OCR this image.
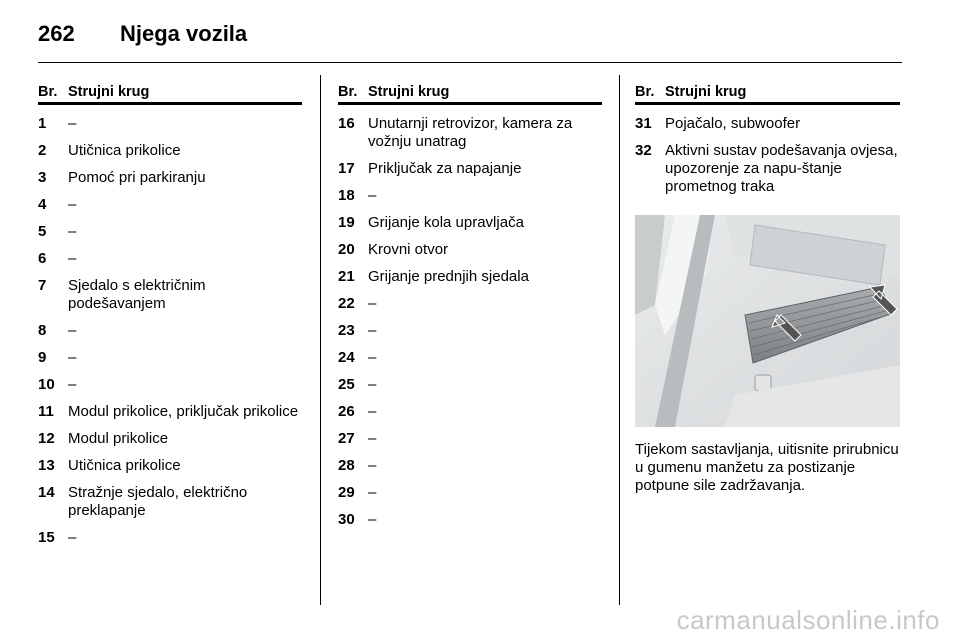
262	Njega vozila
Br. Strujni krug
1	–
2	Utičnica prikolice
3	Pomoć pri parkiranju
4	–
5	–
6	–
7	Sjedalo s električnim podešavanjem
8	–
9	–
10 –
11 Modul prikolice, priključak prikolice
12 Modul prikolice
13 Utičnica prikolice
14 Stražnje sjedalo, električno preklapanje
15 –
Br. Strujni krug
16 Unutarnji retrovizor, kamera za vožnju unatrag
17 Priključak za napajanje
18 –
19 Grijanje kola upravljača
20 Krovni otvor
21 Grijanje prednjih sjedala
22 –
23 –
24 –
25 –
26 –
27 –
28 –
29 –
30 –
Br. Strujni krug
31 Pojačalo, subwoofer
32 Aktivni sustav podešavanja ovjesa, upozorenje za napu-štanje prometnog traka
Tijekom sastavljanja, uitisnite prirubnicu u gumenu manžetu za postizanje potpune sile zadržavanja.
carmanualsonline.info
